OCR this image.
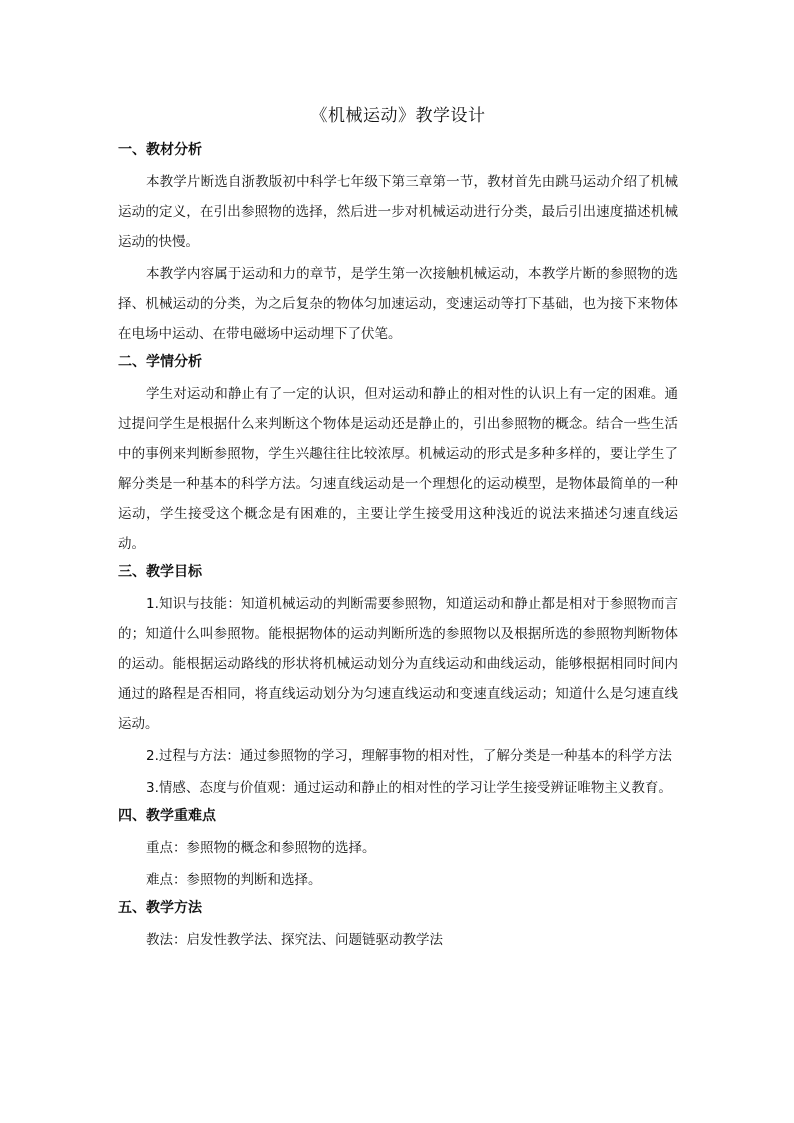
《机械运动》教学设计
一、教材分析

本教学片断选自浙教版初中科学七年级下第三章第一节，教材首先由跳马运动介绍了机械运动的定义，在引出参照物的选择，然后进一步对机械运动进行分类，最后引出速度描述机械运动的快慢。

本教学内容属于运动和力的章节，是学生第一次接触机械运动，本教学片断的参照物的选择、机械运动的分类，为之后复杂的物体匀加速运动，变速运动等打下基础，也为接下来物体在电场中运动、在带电磁场中运动埋下了伏笔。

二、学情分析

学生对运动和静止有了一定的认识，但对运动和静止的相对性的认识上有一定的困难。通过提问学生是根据什么来判断这个物体是运动还是静止的，引出参照物的概念。结合一些生活中的事例来判断参照物，学生兴趣往往比较浓厚。机械运动的形式是多种多样的，要让学生了解分类是一种基本的科学方法。匀速直线运动是一个理想化的运动模型，是物体最简单的一种运动，学生接受这个概念是有困难的，主要让学生接受用这种浅近的说法来描述匀速直线运动。

三、教学目标

1.知识与技能：知道机械运动的判断需要参照物，知道运动和静止都是相对于参照物而言的；知道什么叫参照物。能根据物体的运动判断所选的参照物以及根据所选的参照物判断物体的运动。能根据运动路线的形状将机械运动划分为直线运动和曲线运动，能够根据相同时间内通过的路程是否相同，将直线运动划分为匀速直线运动和变速直线运动；知道什么是匀速直线运动。

2.过程与方法：通过参照物的学习，理解事物的相对性，了解分类是一种基本的科学方法

3.情感、态度与价值观：通过运动和静止的相对性的学习让学生接受辨证唯物主义教育。

四、教学重难点

重点：参照物的概念和参照物的选择。

难点：参照物的判断和选择。

五、教学方法

教法：启发性教学法、探究法、问题链驱动教学法
